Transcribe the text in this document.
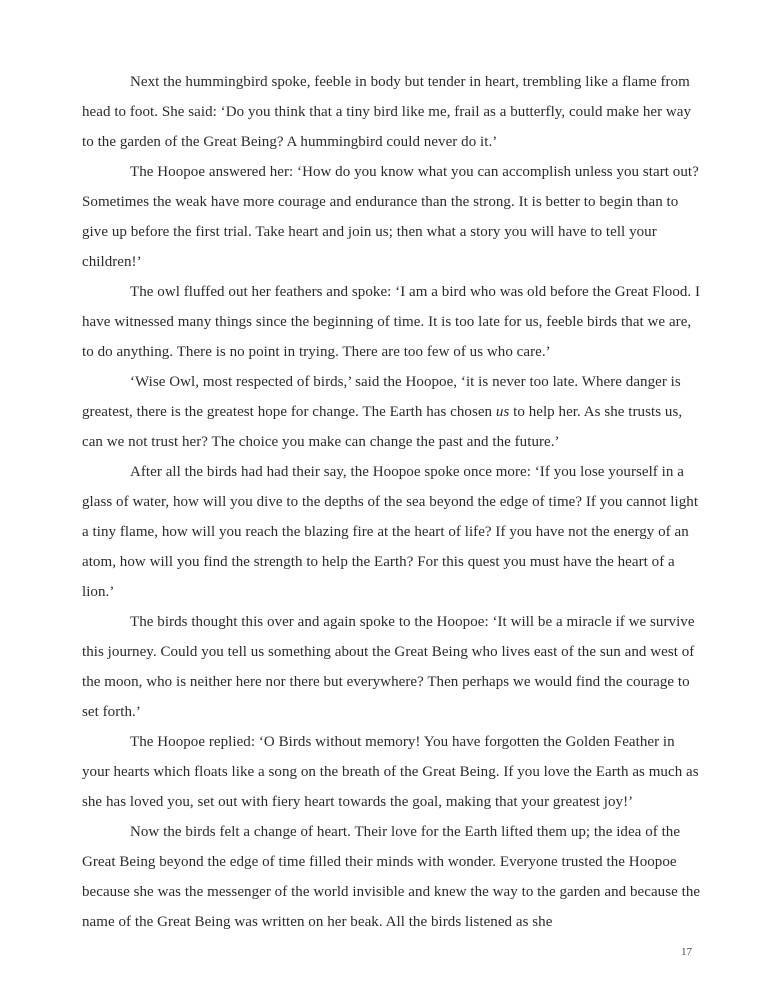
Next the hummingbird spoke, feeble in body but tender in heart, trembling like a flame from head to foot. She said: ‘Do you think that a tiny bird like me, frail as a butterfly, could make her way to the garden of the Great Being? A hummingbird could never do it.’

The Hoopoe answered her: ‘How do you know what you can accomplish unless you start out? Sometimes the weak have more courage and endurance than the strong. It is better to begin than to give up before the first trial. Take heart and join us; then what a story you will have to tell your children!’

The owl fluffed out her feathers and spoke: ‘I am a bird who was old before the Great Flood. I have witnessed many things since the beginning of time. It is too late for us, feeble birds that we are, to do anything. There is no point in trying. There are too few of us who care.’

‘Wise Owl, most respected of birds,’ said the Hoopoe, ‘it is never too late. Where danger is greatest, there is the greatest hope for change. The Earth has chosen us to help her. As she trusts us, can we not trust her? The choice you make can change the past and the future.’

After all the birds had had their say, the Hoopoe spoke once more: ‘If you lose yourself in a glass of water, how will you dive to the depths of the sea beyond the edge of time? If you cannot light a tiny flame, how will you reach the blazing fire at the heart of life? If you have not the energy of an atom, how will you find the strength to help the Earth? For this quest you must have the heart of a lion.’

The birds thought this over and again spoke to the Hoopoe: ‘It will be a miracle if we survive this journey. Could you tell us something about the Great Being who lives east of the sun and west of the moon, who is neither here nor there but everywhere? Then perhaps we would find the courage to set forth.’

The Hoopoe replied: ‘O Birds without memory! You have forgotten the Golden Feather in your hearts which floats like a song on the breath of the Great Being. If you love the Earth as much as she has loved you, set out with fiery heart towards the goal, making that your greatest joy!’

Now the birds felt a change of heart. Their love for the Earth lifted them up; the idea of the Great Being beyond the edge of time filled their minds with wonder. Everyone trusted the Hoopoe because she was the messenger of the world invisible and knew the way to the garden and because the name of the Great Being was written on her beak. All the birds listened as she

17
